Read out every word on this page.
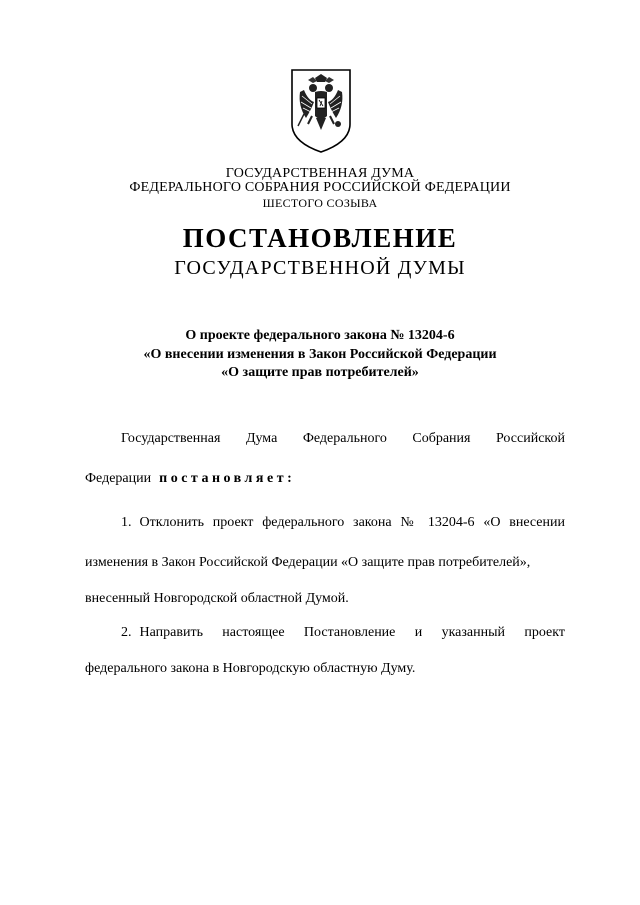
ГОСУДАРСТВЕННАЯ ДУМА
ФЕДЕРАЛЬНОГО СОБРАНИЯ РОССИЙСКОЙ ФЕДЕРАЦИИ
ШЕСТОГО СОЗЫВА
ПОСТАНОВЛЕНИЕ
ГОСУДАРСТВЕННОЙ ДУМЫ
О проекте федерального закона № 13204-6
«О внесении изменения в Закон Российской Федерации
«О защите прав потребителей»
Государственная Дума Федерального Собрания Российской
Федерации постановляет:
1. Отклонить проект федерального закона № 13204-6 «О внесении
изменения в Закон Российской Федерации «О защите прав потребителей»,
внесенный Новгородской областной Думой.
2. Направить настоящее Постановление и указанный проект
федерального закона в Новгородскую областную Думу.
